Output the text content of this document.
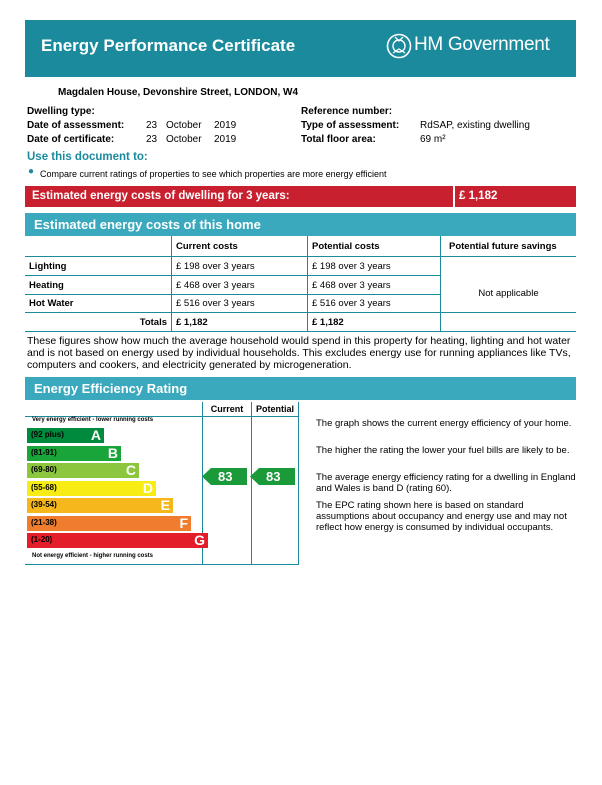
Energy Performance Certificate	HM Government
Magdalen House, Devonshire Street, LONDON, W4
Dwelling type:
Date of assessment: 23 October 2019
Date of certificate:	23 October 2019
Reference number:
Type of assessment: RdSAP, existing dwelling
Total floor area:	69 m²
Use this document to:
● Compare current ratings of properties to see which properties are more energy efficient
Estimated energy costs of dwelling for 3 years:	£ 1,182
Estimated energy costs of this home
Current costs	Potential costs	Potential future savings
Lighting	£ 198 over 3 years	£ 198 over 3 years
Heating	£ 468 over 3 years	£ 468 over 3 years
Hot Water	£ 516 over 3 years	£ 516 over 3 years
Totals £ 1,182	£ 1,182
Not applicable
These figures show how much the average household would spend in this property for heating, lighting and hot water and is not based on energy used by individual households. This excludes energy use for running appliances like TVs, computers and cookers, and electricity generated by microgeneration.
Energy Efficiency Rating
Current	Potential
Very energy efficient - lower running costs
Not energy efficient - higher running costs
(92 plus) A
(81-91)	B
(69-80)	C
(55-68)	D
(39-54)	E
(21-38)	F
(1-20)	G
83	83
The graph shows the current energy efficiency of your home.
The higher the rating the lower your fuel bills are likely to be.
The average energy efficiency rating for a dwelling in England and Wales is band D (rating 60).
The EPC rating shown here is based on standard assumptions about occupancy and energy use and may not reflect how energy is consumed by individual occupants.
